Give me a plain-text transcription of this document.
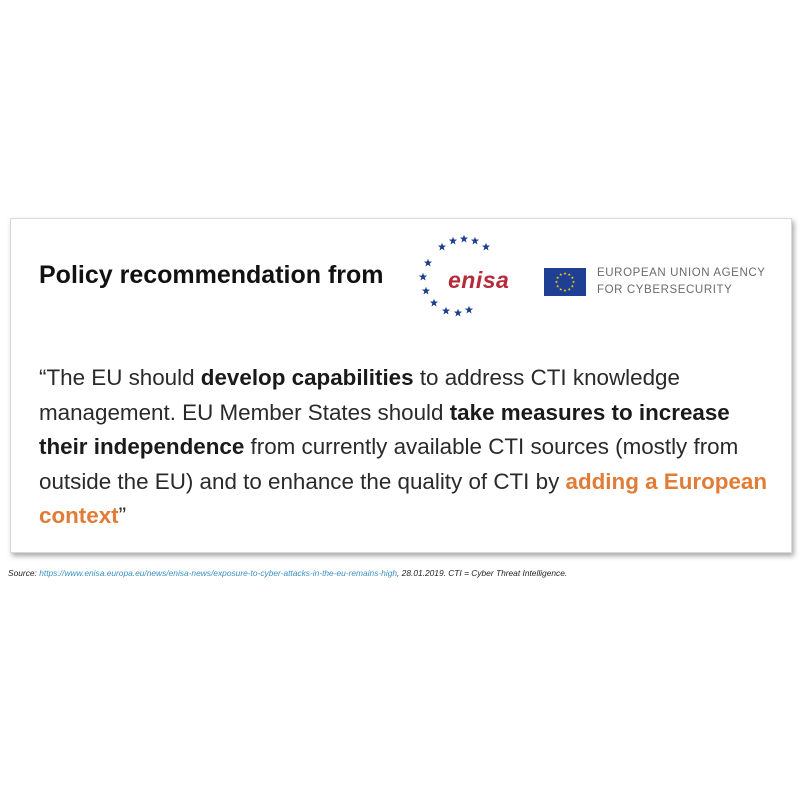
Policy recommendation from	enisa	EUROPEAN UNION AGENCY
FOR CYBERSECURITY
“The EU should develop capabilities to address CTI knowledge management. EU Member States should take measures to increase their independence from currently available CTI sources (mostly from outside the EU) and to enhance the quality of CTI by adding a European context”
Source: https://www.enisa.europa.eu/news/enisa-news/exposure-to-cyber-attacks-in-the-eu-remains-high, 28.01.2019. CTI = Cyber Threat Intelligence.
